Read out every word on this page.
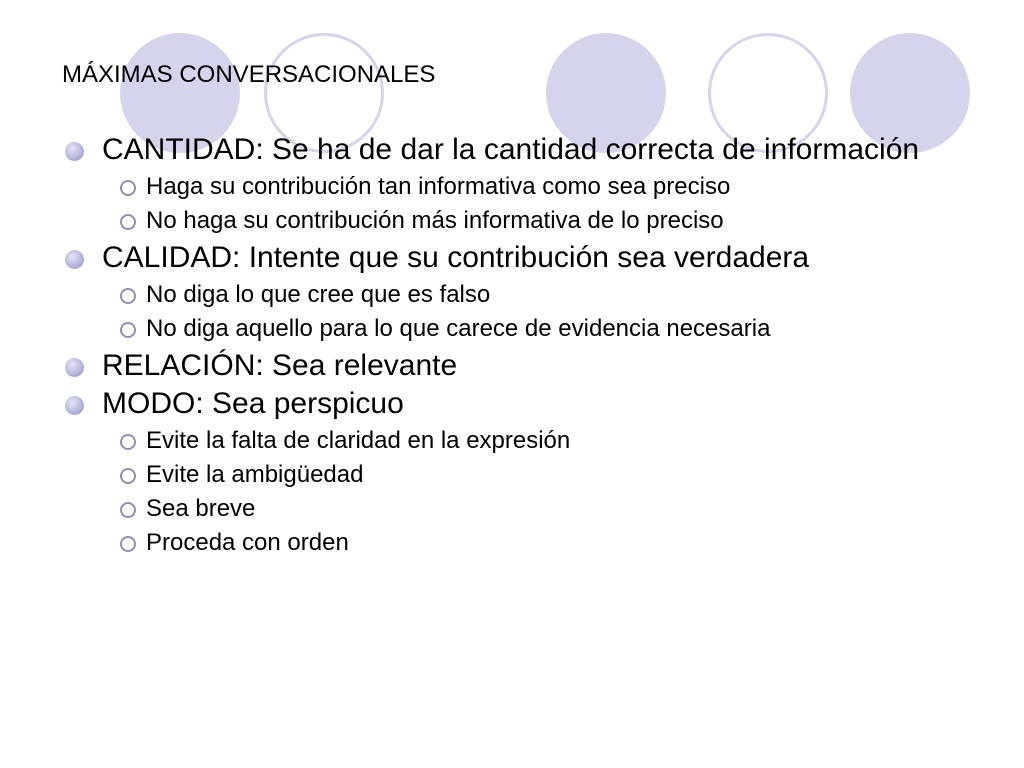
MÁXIMAS CONVERSACIONALES
CANTIDAD: Se ha de dar la cantidad correcta de información
Haga su contribución tan informativa como sea preciso
No haga su contribución más informativa de lo preciso
CALIDAD: Intente que su contribución sea verdadera
No diga lo que cree que es falso
No diga aquello para lo que carece de evidencia necesaria
RELACIÓN: Sea relevante
MODO: Sea perspicuo
Evite la falta de claridad en la expresión
Evite la ambigüedad
Sea breve
Proceda con orden
